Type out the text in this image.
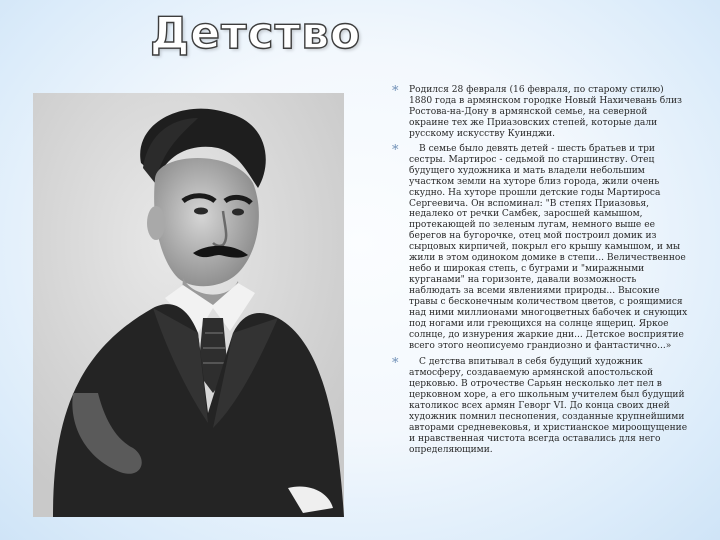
Детство
* Родился 28 февраля (16 февраля, по старому стилю) 1880 года в армянском городке Новый Нахичевань близ Ростова-на-Дону в армянской семье, на северной окраине тех же Приазовских степей, которые дали русскому искусству Куинджи.

*	В семье было девять детей - шесть братьев и три сестры. Мартирос - седьмой по старшинству. Отец будущего художника и мать владели небольшим участком земли на хуторе близ города, жили очень скудно. На хуторе прошли детские годы Мартироса Сергеевича. Он вспоминал: "В степях Приазовья, недалеко от речки Самбек, заросшей камышом, протекающей по зеленым лугам, немного выше ее берегов на бугорочке, отец мой построил домик из сырцовых кирпичей, покрыл его крышу камышом, и мы жили в этом одиноком домике в степи... Величественное небо и широкая степь, с буграми и "миражными курганами" на горизонте, давали возможность наблюдать за всеми явлениями природы... Высокие травы с бесконечным количеством цветов, с роящимися над ними миллионами многоцветных бабочек и снующих под ногами или греющихся на солнце ящериц. Яркое солнце, до изнурения жаркие дни... Детское восприятие всего этого неописуемо грандиозно и фантастично...»

*	С детства впитывал в себя будущий художник атмосферу, создаваемую армянской апостольской церковью. В отрочестве Сарьян несколько лет пел в церковном хоре, а его школьным учителем был будущий католикос всех армян Геворг VI. До конца своих дней художник помнил песнопения, созданные крупнейшими авторами средневековья, и христианское мироощущение и нравственная чистота всегда оставались для него определяющими.
